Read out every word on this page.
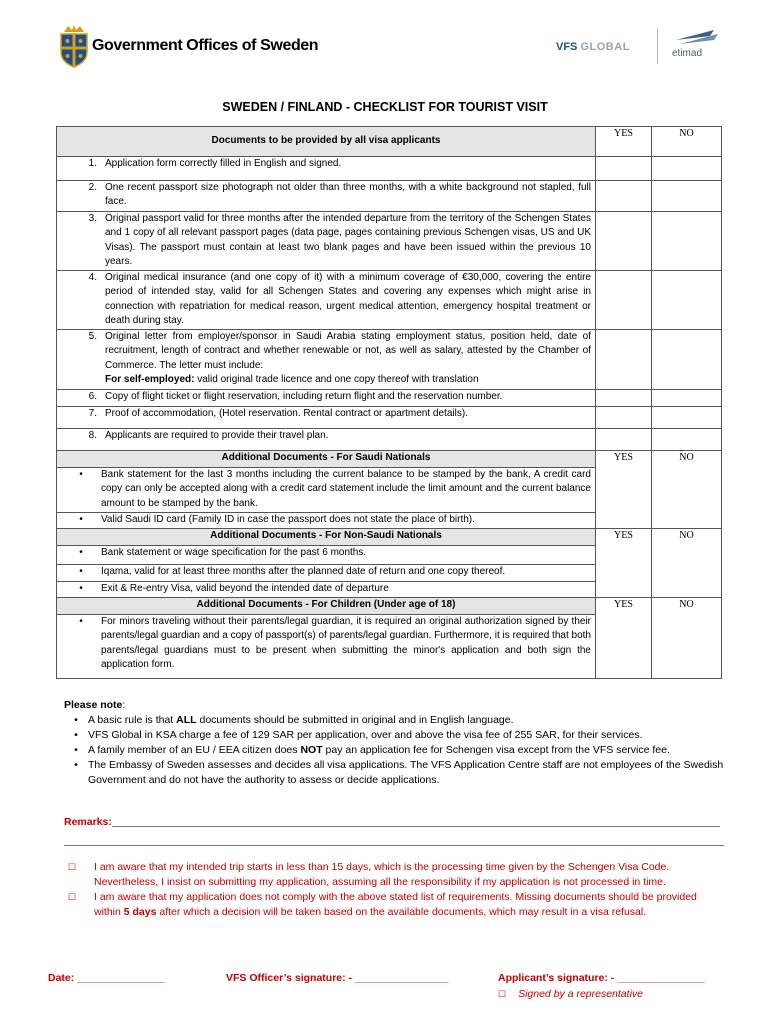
Government Offices of Sweden	VFS GLOBAL
etimad
SWEDEN / FINLAND - CHECKLIST FOR TOURIST VISIT
Documents to be provided by all visa applicants	YES	NO

1. Application form correctly filled in English and signed.		

2. One recent passport size photograph not older than three months, with a white background not stapled, full face.		

3. Original passport valid for three months after the intended departure from the territory of the Schengen States and 1 copy of all relevant passport pages (data page, pages containing previous Schengen visas, US and UK Visas). The passport must contain at least two blank pages and have been issued within the previous 10 years.		

4. Original medical insurance (and one copy of it) with a minimum coverage of €30,000, covering the entire period of intended stay, valid for all Schengen States and covering any expenses which might arise in connection with repatriation for medical reason, urgent medical attention, emergency hospital treatment or death during stay.		

5. Original letter from employer/sponsor in Saudi Arabia stating employment status, position held, date of recruitment, length of contract and whether renewable or not, as well as salary, attested by the Chamber of Commerce. The letter must include:
For self-employed: valid original trade licence and one copy thereof with translation		

6. Copy of flight ticket or flight reservation, including return flight and the reservation number.		

7. Proof of accommodation, (Hotel reservation. Rental contract or apartment details).		

8. Applicants are required to provide their travel plan.		

Additional Documents - For Saudi Nationals	YES	NO

• Bank statement for the last 3 months including the current balance to be stamped by the bank, A credit card copy can only be accepted along with a credit card statement include the limit amount and the current balance amount to be stamped by the bank.		

• Valid Saudi ID card (Family ID in case the passport does not state the place of birth).		

Additional Documents - For Non-Saudi Nationals	YES	NO

• Bank statement or wage specification for the past 6 months.		

• Iqama, valid for at least three months after the planned date of return and one copy thereof.		

• Exit & Re-entry Visa, valid beyond the intended date of departure		

Additional Documents - For Children (Under age of 18)	YES	NO

• For minors traveling without their parents/legal guardian, it is required an original authorization signed by their parents/legal guardian and a copy of passport(s) of parents/legal guardian. Furthermore, it is required that both parents/legal guardians must to be present when submitting the minor's application and both sign the application form.		
Please note:
• A basic rule is that ALL documents should be submitted in original and in English language.
• VFS Global in KSA charge a fee of 129 SAR per application, over and above the visa fee of 255 SAR, for their services.
• A family member of an EU / EEA citizen does NOT pay an application fee for Schengen visa except from the VFS service fee.
• The Embassy of Sweden assesses and decides all visa applications. The VFS Application Centre staff are not employees of the Swedish Government and do not have the authority to assess or decide applications.
Remarks:
☐	I am aware that my intended trip starts in less than 15 days, which is the processing time given by the Schengen Visa Code. Nevertheless, I insist on submitting my application, assuming all the responsibility if my application is not processed in time.
☐	I am aware that my application does not comply with the above stated list of requirements. Missing documents should be provided within 5 days after which a decision will be taken based on the available documents, which may result in a visa refusal.
Date: _______________	VFS Officer’s signature: - ________________	Applicant’s signature: - _______________
☐ Signed by a representative
